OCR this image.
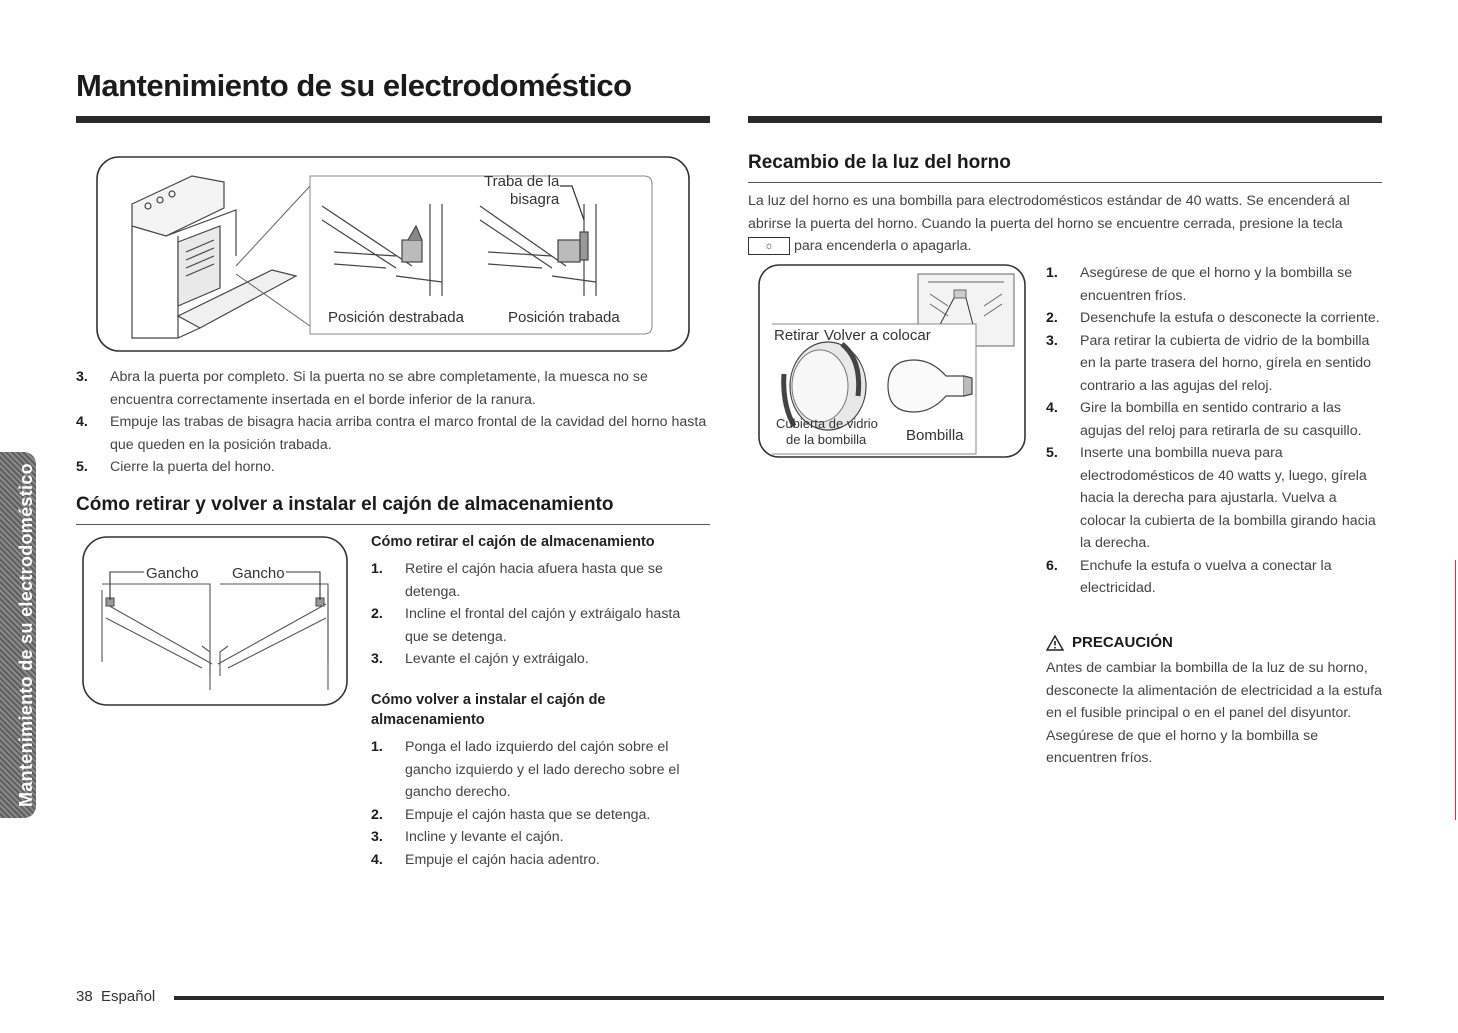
Mantenimiento de su electrodoméstico
Mantenimiento de su electrodoméstico
Traba de la
bisagra
Posición destrabada	Posición trabada
3. Abra la puerta por completo. Si la puerta no se abre completamente, la muesca no se encuentra correctamente insertada en el borde inferior de la ranura.
4. Empuje las trabas de bisagra hacia arriba contra el marco frontal de la cavidad del horno hasta que queden en la posición trabada.
5. Cierre la puerta del horno.
Cómo retirar y volver a instalar el cajón de almacenamiento
Gancho Gancho
Cómo retirar el cajón de almacenamiento
1. Retire el cajón hacia afuera hasta que se detenga.
2. Incline el frontal del cajón y extráigalo hasta que se detenga.
3. Levante el cajón y extráigalo.
Cómo volver a instalar el cajón de almacenamiento
1. Ponga el lado izquierdo del cajón sobre el gancho izquierdo y el lado derecho sobre el gancho derecho.
2. Empuje el cajón hasta que se detenga.
3. Incline y levante el cajón.
4. Empuje el cajón hacia adentro.
Recambio de la luz del horno
La luz del horno es una bombilla para electrodomésticos estándar de 40 watts. Se encenderá al abrirse la puerta del horno. Cuando la puerta del horno se encuentre cerrada, presione la tecla ☼ para encenderla o apagarla.
Retirar Volver a colocar
Cubierta de vidrio
de la bombilla	Bombilla
1. Asegúrese de que el horno y la bombilla se encuentren fríos.
2. Desenchufe la estufa o desconecte la corriente.
3. Para retirar la cubierta de vidrio de la bombilla en la parte trasera del horno, gírela en sentido contrario a las agujas del reloj.
4. Gire la bombilla en sentido contrario a las agujas del reloj para retirarla de su casquillo.
5. Inserte una bombilla nueva para electrodomésticos de 40 watts y, luego, gírela hacia la derecha para ajustarla. Vuelva a colocar la cubierta de la bombilla girando hacia la derecha.
6. Enchufe la estufa o vuelva a conectar la electricidad.
PRECAUCIÓN
Antes de cambiar la bombilla de la luz de su horno, desconecte la alimentación de electricidad a la estufa en el fusible principal o en el panel del disyuntor. Asegúrese de que el horno y la bombilla se encuentren fríos.
38 Español
